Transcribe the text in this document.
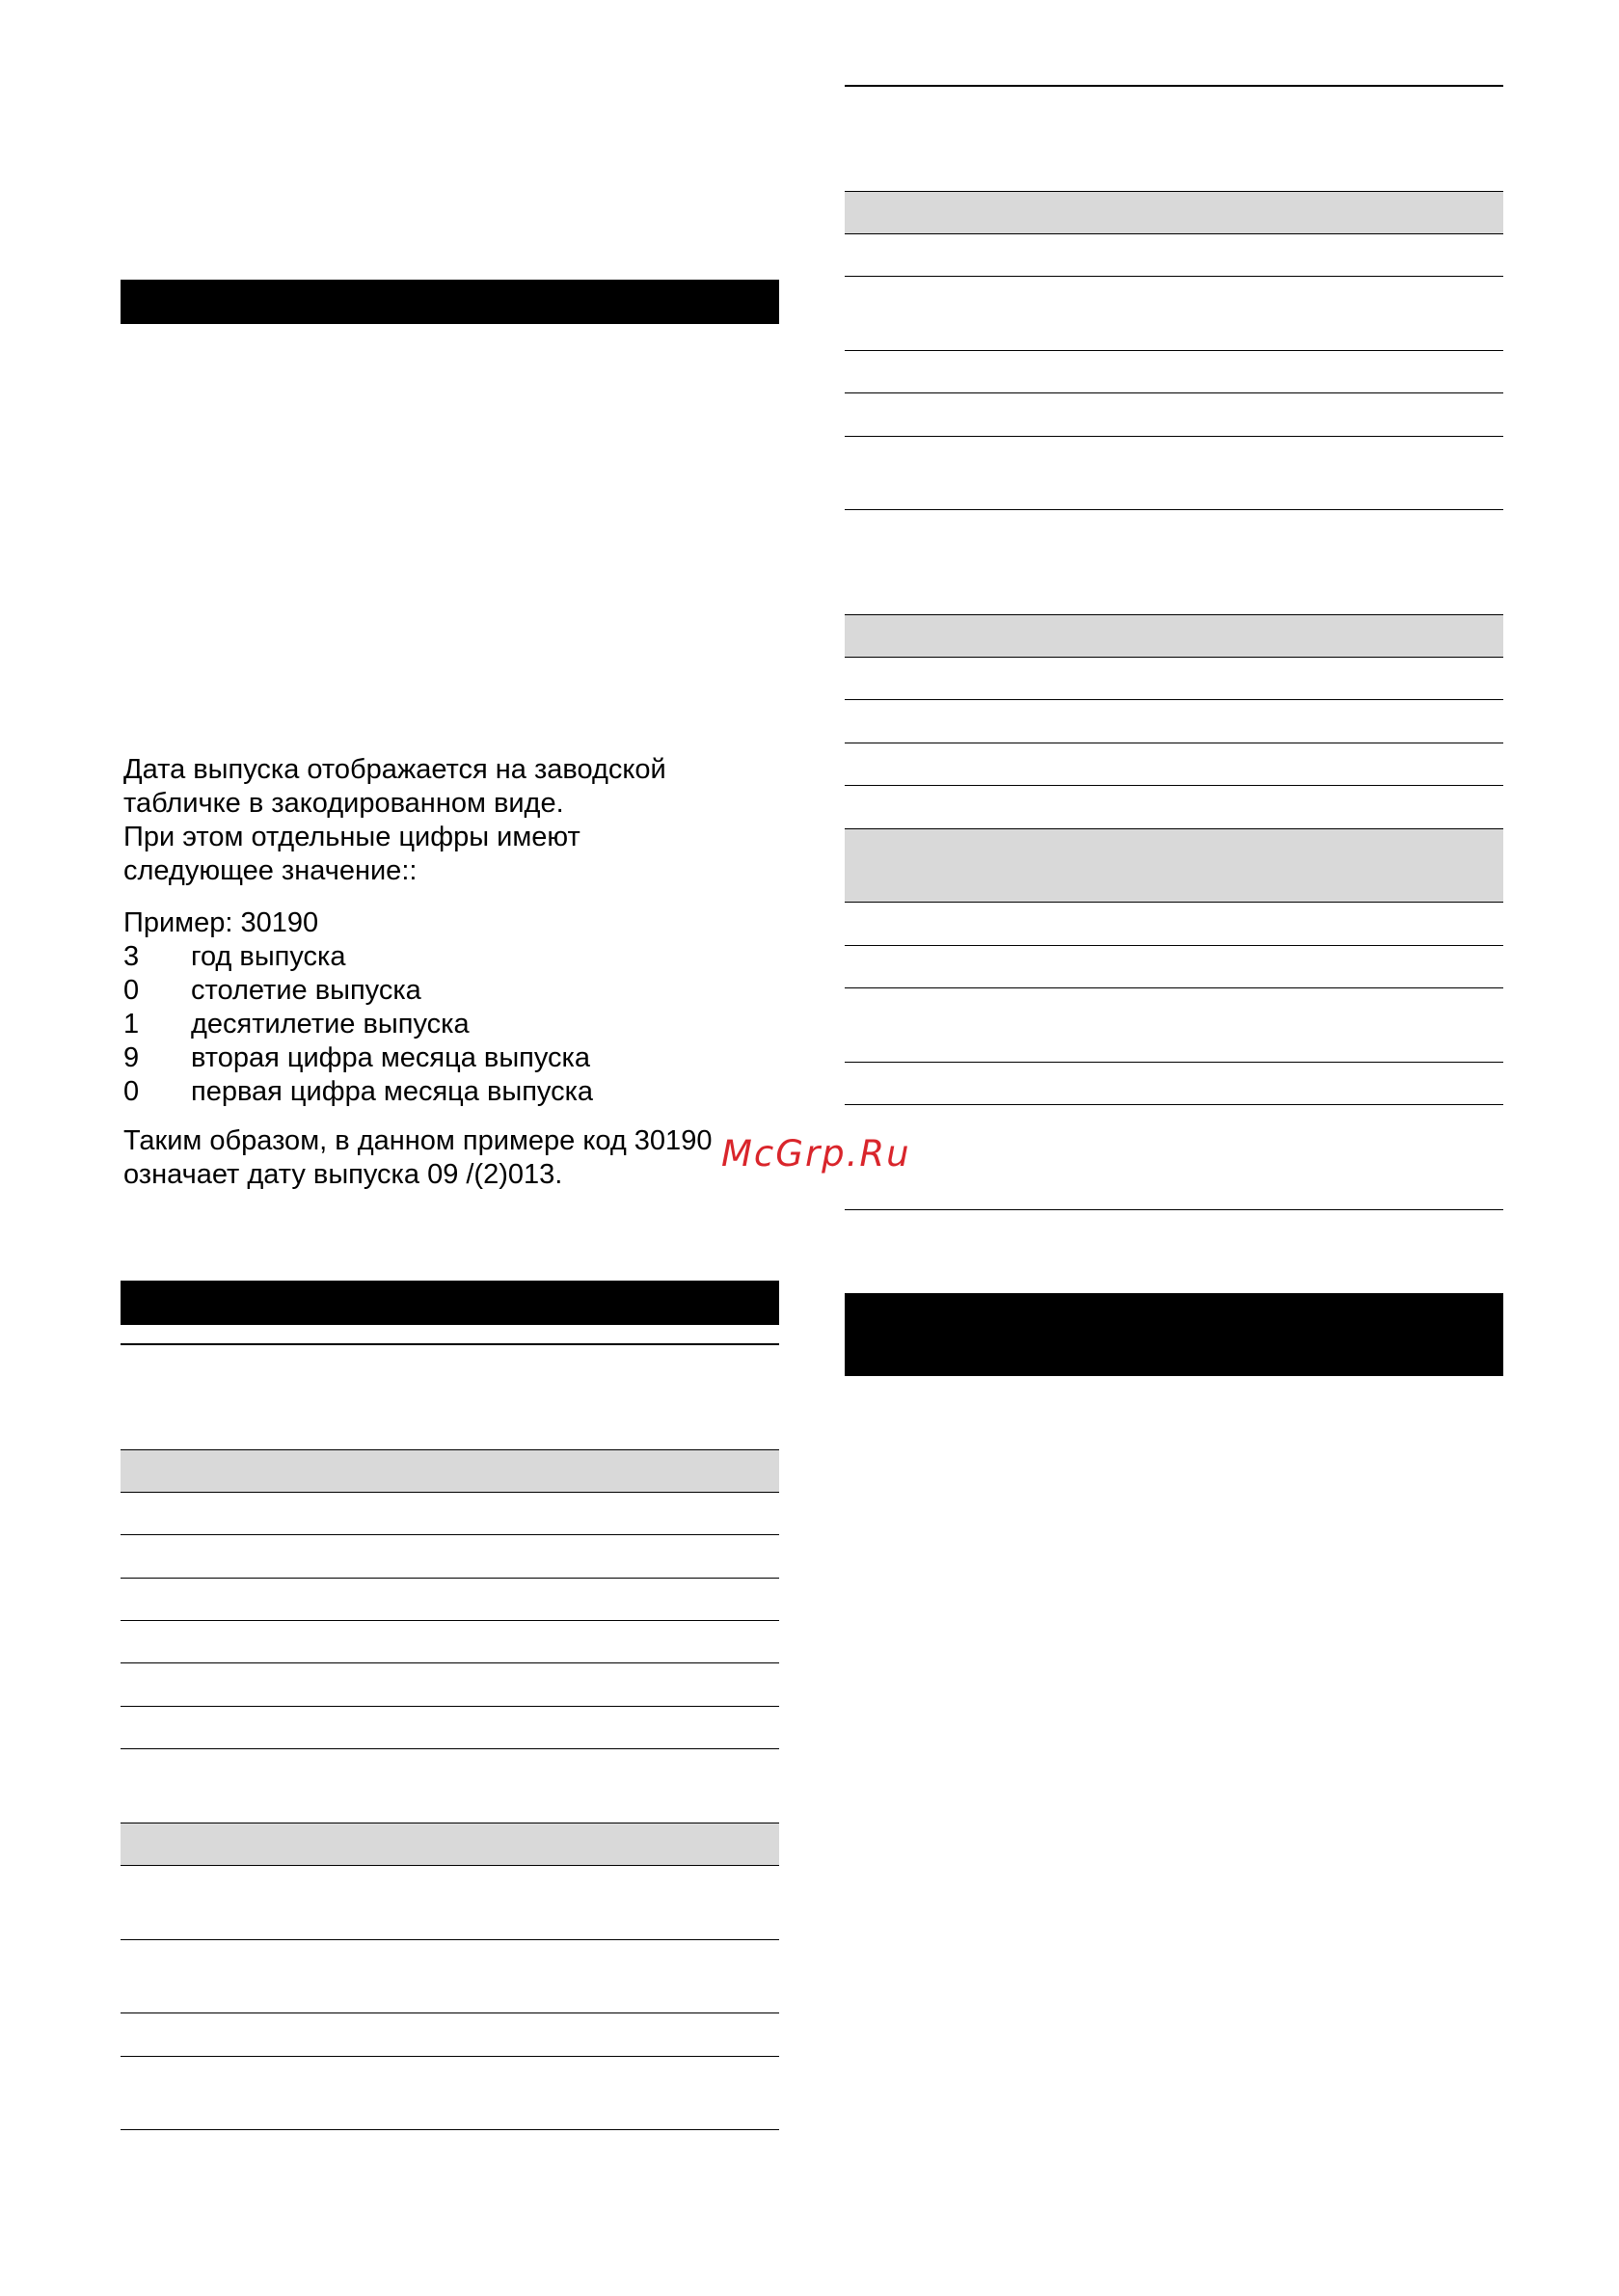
Дата выпуска отображается на заводской
табличке в закодированном виде.
При этом отдельные цифры имеют
следующее значение::
Пример: 30190
3 год выпуска
0 столетие выпуска
1 десятилетие выпуска
9 вторая цифра месяца выпуска
0 первая цифра месяца выпуска
Таким образом, в данном примере код 30190
означает дату выпуска 09 /(2)013.	McGrp.Ru
